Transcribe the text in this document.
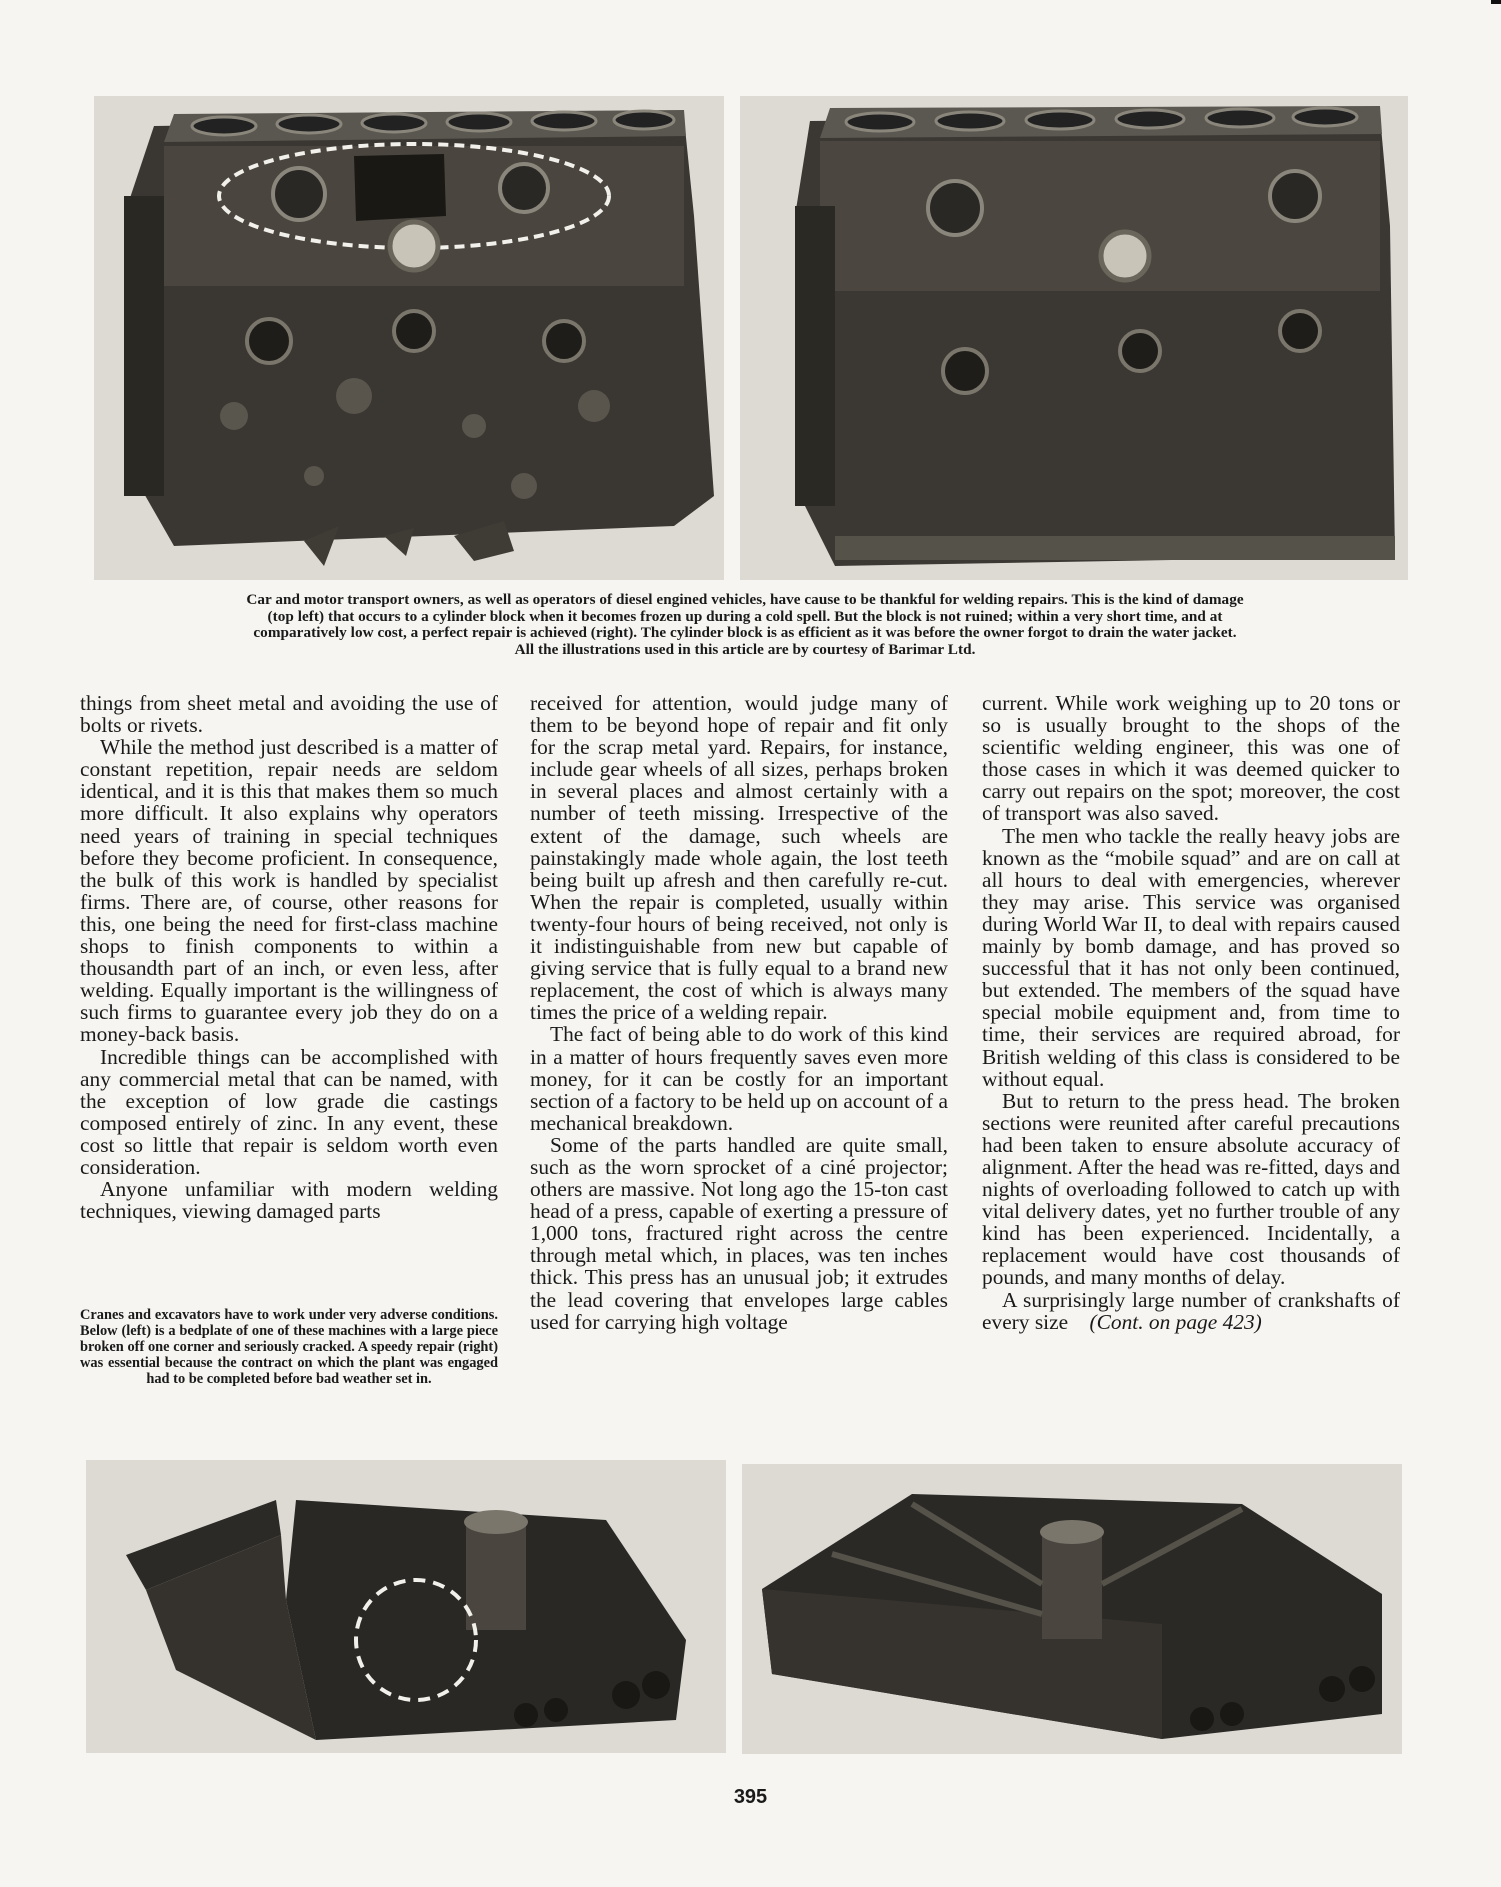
Car and motor transport owners, as well as operators of diesel engined vehicles, have cause to be thankful for welding repairs. This is the kind of damage
(top left) that occurs to a cylinder block when it becomes frozen up during a cold spell. But the block is not ruined; within a very short time, and at
comparatively low cost, a perfect repair is achieved (right). The cylinder block is as efficient as it was before the owner forgot to drain the water jacket.
All the illustrations used in this article are by courtesy of Barimar Ltd.

things from sheet metal and avoiding the use of bolts or rivets.

While the method just described is a matter of constant repetition, repair needs are seldom identical, and it is this that makes them so much more difficult. It also explains why operators need years of training in special techniques before they become proficient. In consequence, the bulk of this work is handled by specialist firms. There are, of course, other reasons for this, one being the need for first-class machine shops to finish components to within a thousandth part of an inch, or even less, after welding. Equally important is the willingness of such firms to guarantee every job they do on a money-back basis.

Incredible things can be accomplished with any commercial metal that can be named, with the exception of low grade die castings composed entirely of zinc. In any event, these cost so little that repair is seldom worth even consideration.

Anyone unfamiliar with modern welding techniques, viewing damaged parts

Cranes and excavators have to work under very adverse conditions. Below (left) is a bedplate of one of these machines with a large piece broken off one corner and seriously cracked. A speedy repair (right) was essential because the contract on which the plant was engaged had to be completed before bad weather set in.

received for attention, would judge many of them to be beyond hope of repair and fit only for the scrap metal yard. Repairs, for instance, include gear wheels of all sizes, perhaps broken in several places and almost certainly with a number of teeth missing. Irrespective of the extent of the damage, such wheels are painstakingly made whole again, the lost teeth being built up afresh and then carefully re-cut. When the repair is completed, usually within twenty-four hours of being received, not only is it indistinguishable from new but capable of giving service that is fully equal to a brand new replacement, the cost of which is always many times the price of a welding repair.

The fact of being able to do work of this kind in a matter of hours frequently saves even more money, for it can be costly for an important section of a factory to be held up on account of a mechanical breakdown.

Some of the parts handled are quite small, such as the worn sprocket of a ciné projector; others are massive. Not long ago the 15-ton cast head of a press, capable of exerting a pressure of 1,000 tons, fractured right across the centre through metal which, in places, was ten inches thick. This press has an unusual job; it extrudes the lead covering that envelopes large cables used for carrying high voltage

current. While work weighing up to 20 tons or so is usually brought to the shops of the scientific welding engineer, this was one of those cases in which it was deemed quicker to carry out repairs on the spot; moreover, the cost of transport was also saved.

The men who tackle the really heavy jobs are known as the “mobile squad” and are on call at all hours to deal with emergencies, wherever they may arise. This service was organised during World War II, to deal with repairs caused mainly by bomb damage, and has proved so successful that it has not only been continued, but extended. The members of the squad have special mobile equipment and, from time to time, their services are required abroad, for British welding of this class is considered to be without equal.

But to return to the press head. The broken sections were reunited after careful precautions had been taken to ensure absolute accuracy of alignment. After the head was re-fitted, days and nights of overloading followed to catch up with vital delivery dates, yet no further trouble of any kind has been experienced. Incidentally, a replacement would have cost thousands of pounds, and many months of delay.

A surprisingly large number of crankshafts of every size (Cont. on page 423)

395
